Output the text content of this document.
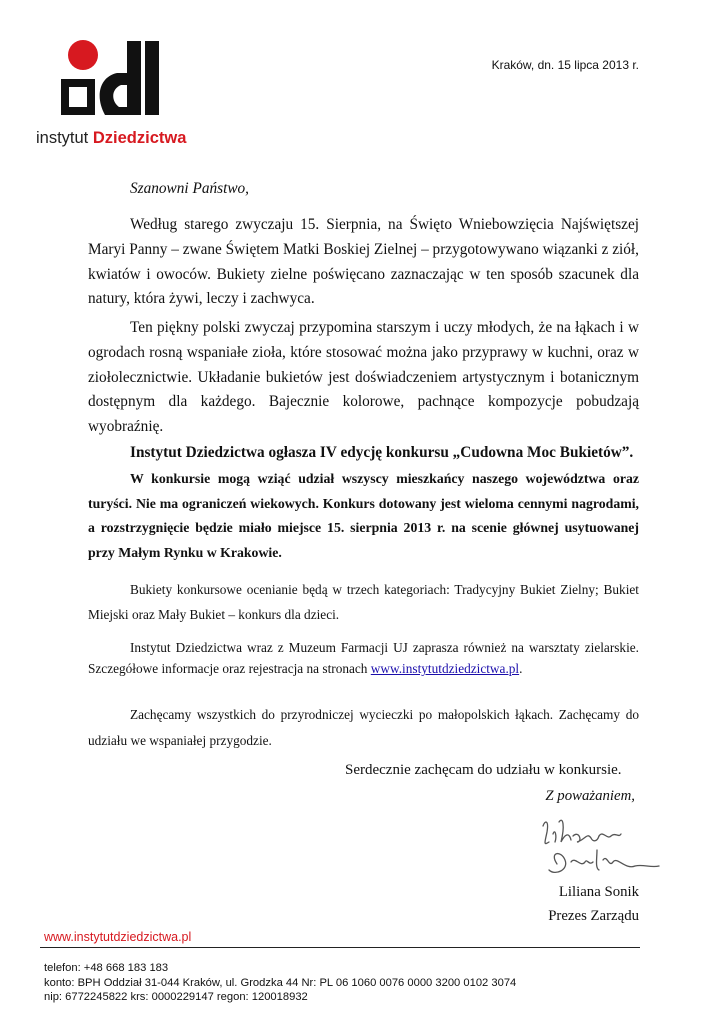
instytut Dziedzictwa
Kraków, dn. 15 lipca 2013 r.
Szanowni Państwo,
Według starego zwyczaju 15. Sierpnia, na Święto Wniebowzięcia Najświętszej Maryi Panny – zwane Świętem Matki Boskiej Zielnej – przygotowywano wiązanki z ziół, kwiatów i owoców. Bukiety zielne poświęcano zaznaczając w ten sposób szacunek dla natury, która żywi, leczy i zachwyca.
Ten piękny polski zwyczaj przypomina starszym i uczy młodych, że na łąkach i w ogrodach rosną wspaniałe zioła, które stosować można jako przyprawy w kuchni, oraz w ziołolecznictwie. Układanie bukietów jest doświadczeniem artystycznym i botanicznym dostępnym dla każdego. Bajecznie kolorowe, pachnące kompozycje pobudzają wyobraźnię.
Instytut Dziedzictwa ogłasza IV edycję konkursu „Cudowna Moc Bukietów”.
W konkursie mogą wziąć udział wszyscy mieszkańcy naszego województwa oraz turyści. Nie ma ograniczeń wiekowych. Konkurs dotowany jest wieloma cennymi nagrodami, a rozstrzygnięcie będzie miało miejsce 15. sierpnia 2013 r. na scenie głównej usytuowanej przy Małym Rynku w Krakowie.
Bukiety konkursowe ocenianie będą w trzech kategoriach: Tradycyjny Bukiet Zielny; Bukiet Miejski oraz Mały Bukiet – konkurs dla dzieci.
Instytut Dziedzictwa wraz z Muzeum Farmacji UJ zaprasza również na warsztaty zielarskie. Szczegółowe informacje oraz rejestracja na stronach www.instytutdziedzictwa.pl.
Zachęcamy wszystkich do przyrodniczej wycieczki po małopolskich łąkach. Zachęcamy do udziału we wspaniałej przygodzie.
Serdecznie zachęcam do udziału w konkursie.
Z poważaniem,
Liliana Sonik
Prezes Zarządu
www.instytutdziedzictwa.pl
telefon: +48 668 183 183
konto: BPH Oddział 31-044 Kraków, ul. Grodzka 44 Nr: PL 06 1060 0076 0000 3200 0102 3074
nip: 6772245822 krs: 0000229147 regon: 120018932
